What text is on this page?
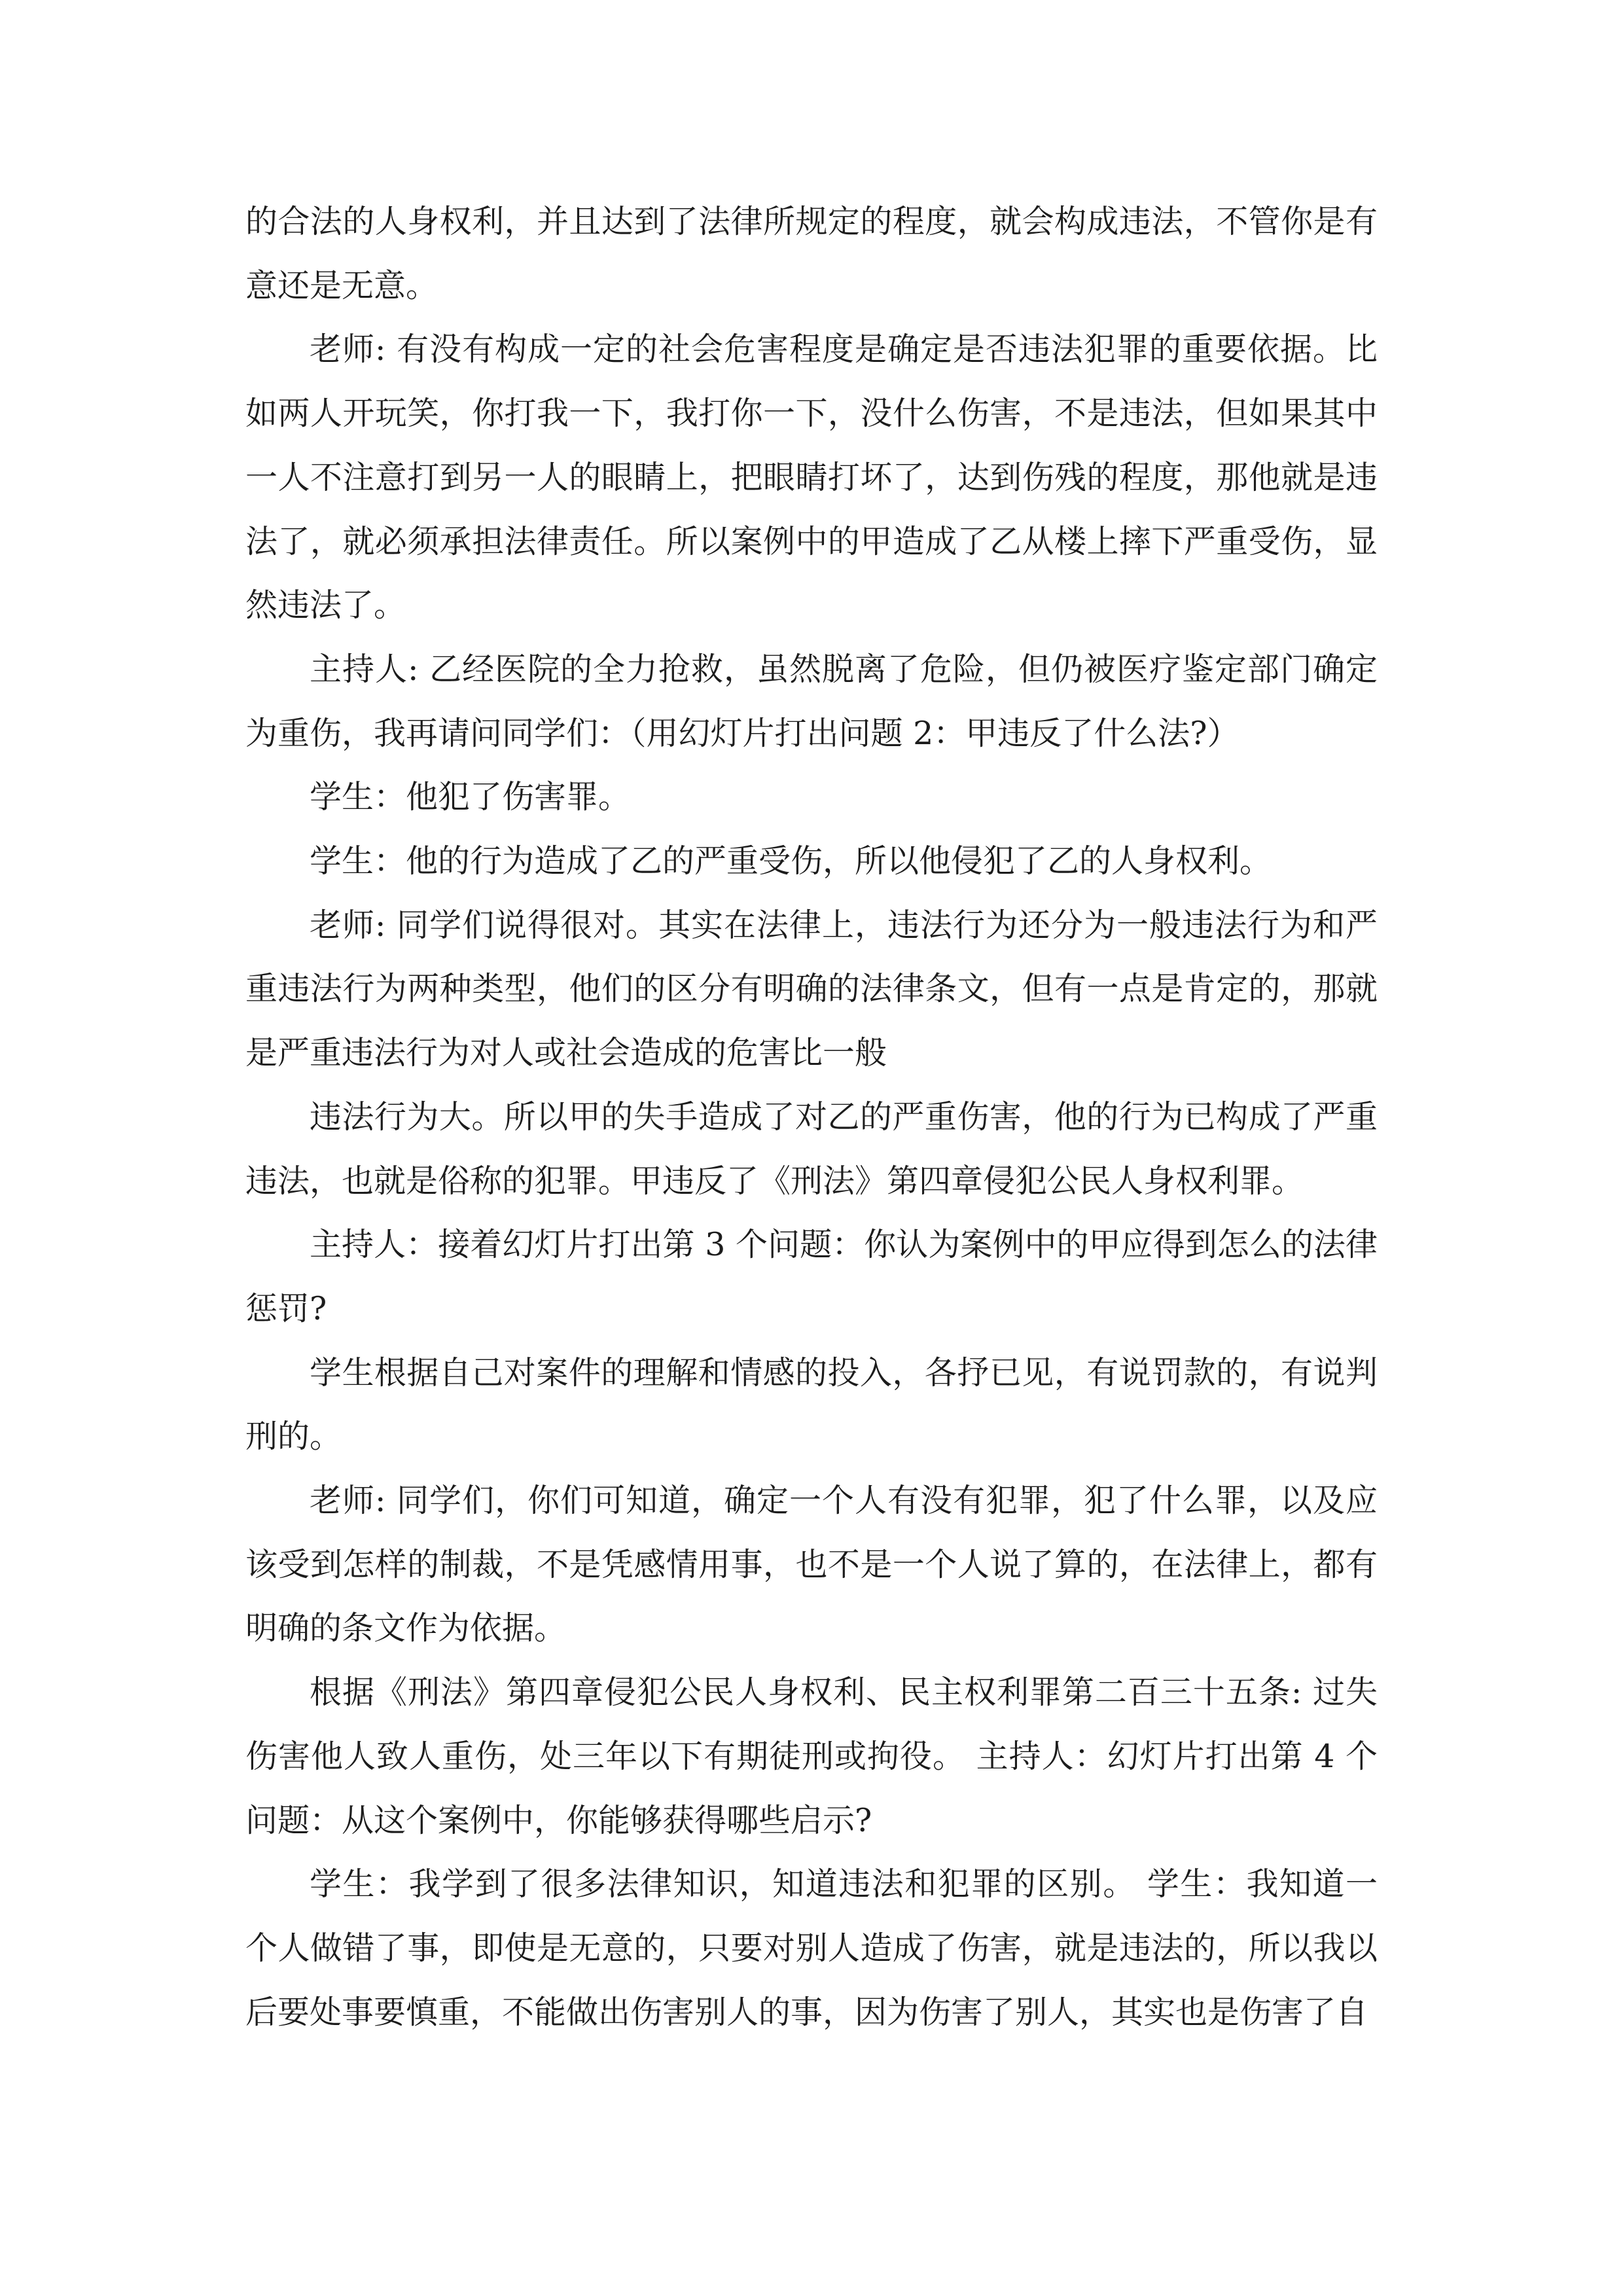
的合法的人身权利，并且达到了法律所规定的程度，就会构成违法，不管你是有意还是无意。

老师: 有没有构成一定的社会危害程度是确定是否违法犯罪的重要依据。比如两人开玩笑，你打我一下，我打你一下，没什么伤害，不是违法，但如果其中一人不注意打到另一人的眼睛上，把眼睛打坏了，达到伤残的程度，那他就是违法了，就必须承担法律责任。所以案例中的甲造成了乙从楼上摔下严重受伤，显然违法了。

主持人: 乙经医院的全力抢救，虽然脱离了危险，但仍被医疗鉴定部门确定为重伤，我再请问同学们：（用幻灯片打出问题 2：甲违反了什么法?）

学生：他犯了伤害罪。

学生：他的行为造成了乙的严重受伤，所以他侵犯了乙的人身权利。

老师: 同学们说得很对。其实在法律上，违法行为还分为一般违法行为和严重违法行为两种类型，他们的区分有明确的法律条文，但有一点是肯定的，那就是严重违法行为对人或社会造成的危害比一般

违法行为大。所以甲的失手造成了对乙的严重伤害，他的行为已构成了严重违法，也就是俗称的犯罪。甲违反了《刑法》第四章侵犯公民人身权利罪。

主持人：接着幻灯片打出第 3 个问题：你认为案例中的甲应得到怎么的法律惩罚?

学生根据自己对案件的理解和情感的投入，各抒已见，有说罚款的，有说判刑的。

老师: 同学们，你们可知道，确定一个人有没有犯罪，犯了什么罪，以及应该受到怎样的制裁，不是凭感情用事，也不是一个人说了算的，在法律上，都有明确的条文作为依据。

根据《刑法》第四章侵犯公民人身权利、民主权利罪第二百三十五条: 过失伤害他人致人重伤，处三年以下有期徒刑或拘役。 主持人：幻灯片打出第 4 个问题：从这个案例中，你能够获得哪些启示?

学生：我学到了很多法律知识，知道违法和犯罪的区别。 学生：我知道一个人做错了事，即使是无意的，只要对别人造成了伤害，就是违法的，所以我以后要处事要慎重，不能做出伤害别人的事，因为伤害了别人，其实也是伤害了自
